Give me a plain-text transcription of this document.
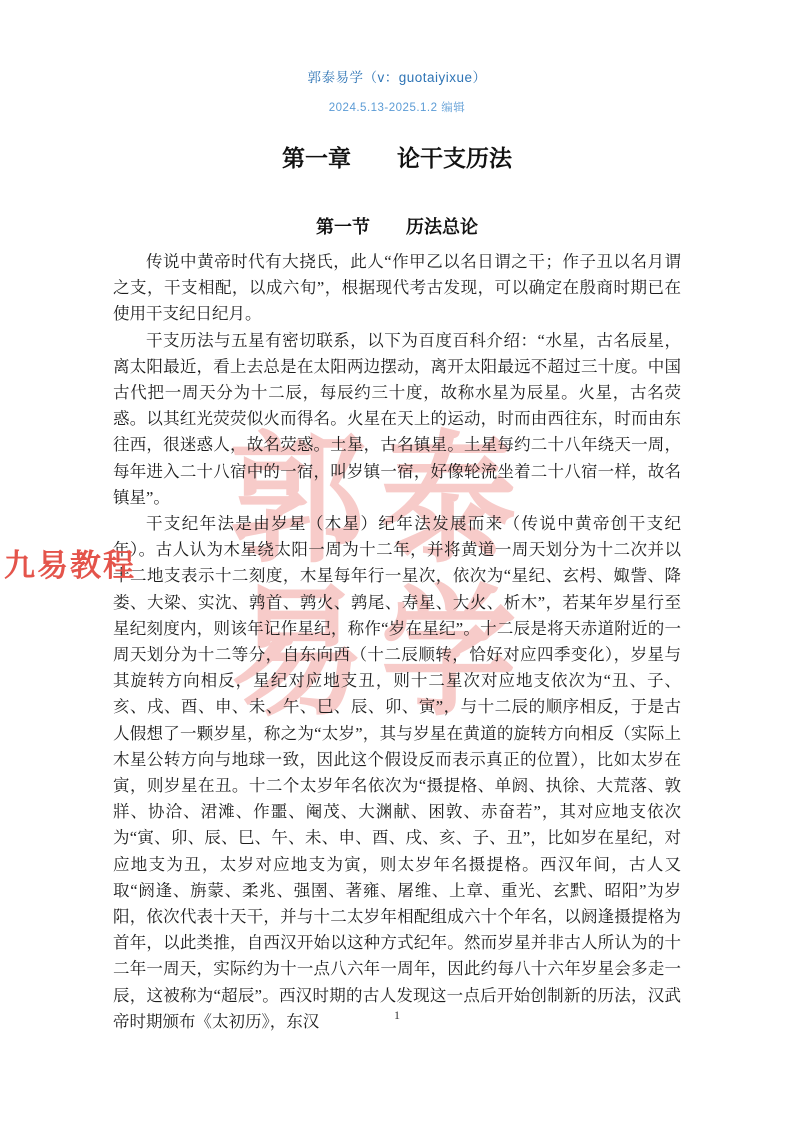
郭 泰
易 学
郭泰易学（v：guotaiyixue）
2024.5.13-2025.1.2 编辑
第一章　　论干支历法
第一节　　历法总论

传说中黄帝时代有大挠氏，此人“作甲乙以名日谓之干；作子丑以名月谓之支，干支相配，以成六旬”，根据现代考古发现，可以确定在殷商时期已在使用干支纪日纪月。

干支历法与五星有密切联系，以下为百度百科介绍：“水星，古名辰星，离太阳最近，看上去总是在太阳两边摆动，离开太阳最远不超过三十度。中国古代把一周天分为十二辰，每辰约三十度，故称水星为辰星。火星，古名荧惑。以其红光荧荧似火而得名。火星在天上的运动，时而由西往东，时而由东往西，很迷惑人，故名荧惑。土星，古名镇星。土星每约二十八年绕天一周，每年进入二十八宿中的一宿，叫岁镇一宿，好像轮流坐着二十八宿一样，故名镇星”。

干支纪年法是由岁星（木星）纪年法发展而来（传说中黄帝创干支纪年）。古人认为木星绕太阳一周为十二年，并将黄道一周天划分为十二次并以十二地支表示十二刻度，木星每年行一星次，依次为“星纪、玄枵、娵訾、降娄、大梁、实沈、鹑首、鹑火、鹑尾、寿星、大火、析木”，若某年岁星行至星纪刻度内，则该年记作星纪，称作“岁在星纪”。十二辰是将天赤道附近的一周天划分为十二等分，自东向西（十二辰顺转，恰好对应四季变化），岁星与其旋转方向相反，星纪对应地支丑，则十二星次对应地支依次为“丑、子、亥、戌、酉、申、未、午、巳、辰、卯、寅”，与十二辰的顺序相反，于是古人假想了一颗岁星，称之为“太岁”，其与岁星在黄道的旋转方向相反（实际上木星公转方向与地球一致，因此这个假设反而表示真正的位置），比如太岁在寅，则岁星在丑。十二个太岁年名依次为“摄提格、单阏、执徐、大荒落、敦牂、协洽、涒滩、作噩、阉茂、大渊献、困敦、赤奋若”，其对应地支依次为“寅、卯、辰、巳、午、未、申、酉、戌、亥、子、丑”，比如岁在星纪，对应地支为丑，太岁对应地支为寅，则太岁年名摄提格。西汉年间，古人又取“阏逢、旃蒙、柔兆、强圉、著雍、屠维、上章、重光、玄黓、昭阳”为岁阳，依次代表十天干，并与十二太岁年相配组成六十个年名，以阏逢摄提格为首年，以此类推，自西汉开始以这种方式纪年。然而岁星并非古人所认为的十二年一周天，实际约为十一点八六年一周年，因此约每八十六年岁星会多走一辰，这被称为“超辰”。西汉时期的古人发现这一点后开始创制新的历法，汉武帝时期颁布《太初历》，东汉

九易教程
1
